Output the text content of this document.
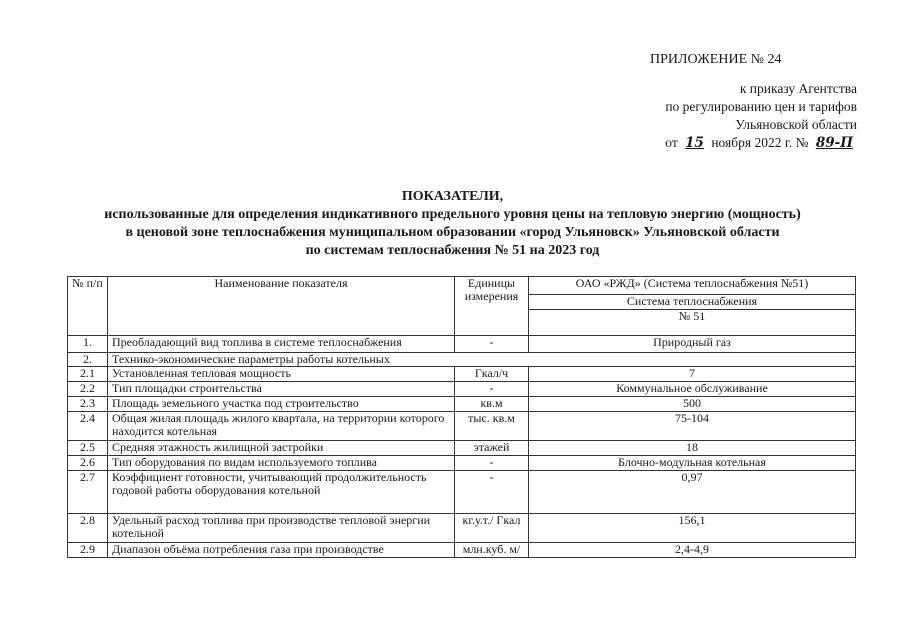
ПРИЛОЖЕНИЕ № 24
к приказу Агентства
по регулированию цен и тарифов
Ульяновской области
от 15 ноября 2022 г. № 89-П
ПОКАЗАТЕЛИ,
использованные для определения индикативного предельного уровня цены на тепловую энергию (мощность)
в ценовой зоне теплоснабжения муниципальном образовании «город Ульяновск» Ульяновской области
по системам теплоснабжения № 51 на 2023 год
№ п/п	Наименование показателя	Единицы измерения	ОАО «РЖД» (Система теплоснабжения №51)
			Система теплоснабжения
			№ 51
1.	Преобладающий вид топлива в системе теплоснабжения	-	Природный газ
2.	Технико-экономические параметры работы котельных		
2.1	Установленная тепловая мощность	Гкал/ч	7
2.2	Тип площадки строительства	-	Коммунальное обслуживание
2.3	Площадь земельного участка под строительство	кв.м	500
2.4	Общая жилая площадь жилого квартала, на территории которого находится котельная	тыс. кв.м	75-104
2.5	Средняя этажность жилищной застройки	этажей	18
2.6	Тип оборудования по видам используемого топлива	-	Блочно-модульная котельная
2.7	Коэффициент готовности, учитывающий продолжительность годовой работы оборудования котельной	-	0,97
2.8	Удельный расход топлива при производстве тепловой энергии котельной	кг.у.т./ Гкал	156,1
2.9	Диапазон объёма потребления газа при производстве	млн.куб. м/	2,4-4,9
